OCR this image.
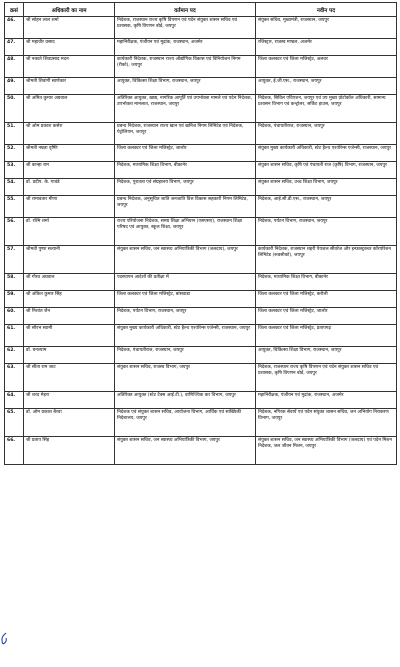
क्रसं	अधिकारी का नाम	वर्तमान पद	नवीन पद
46.	श्री सोहन लाल शर्मा	निदेशक, राजस्थान राज्य कृषि विपणन एवं पदेन संयुक्त शासन सचिव एवं प्रशासक, कृषि विपणन बोर्ड, जयपुर	संयुक्त सचिव, मुख्यमंत्री, राजस्थान, जयपुर
47.	श्री महावीर प्रसाद	महानिरीक्षक, पंजीयन एवं मुद्रांक, राजस्थान, अजमेर	रजिस्ट्रार, राजस्व मण्डल, अजमेर
48.	श्री नकाते शिवप्रसाद मदन	कार्यकारी निदेशक, राजस्थान राज्य औद्योगिक विकास एवं विनियोजन निगम (रीको), जयपुर	जिला कलक्टर एवं जिला मजिस्ट्रेट, अलवर
49.	श्रीमती शिवांगी स्वर्णकार	आयुक्त, चिकित्सा शिक्षा विभाग, राजस्थान, जयपुर	आयुक्त, ई.जी.एस., राजस्थान, जयपुर
50.	श्री अमित कुमार अग्रवाल	अतिरिक्त आयुक्त, खाद्य, नागरिक आपूर्ति एवं उपभोक्ता मामले एवं पदेन निदेशक, उपभोक्ता मामलात, राजस्थान, जयपुर	निदेशक, सिविल एविएशन, जयपुर एवं उप मुख्य प्रोटोकॉल अधिकारी, सामान्य प्रशासन विभाग एवं कन्ट्रोलर, सर्किट हाउस, जयपुर
51.	श्री ओम प्रकाश कसेरा	प्रबन्ध निदेशक, राजस्थान राज्य खान एवं खनिज निगम लिमिटेड एवं निदेशक, पेट्रोलियम, जयपुर	निदेशक, पंचायतीराज, राजस्थान, जयपुर
52.	श्रीमती नम्रता वृष्णि	जिला कलक्टर एवं जिला मजिस्ट्रेट, जालोर	संयुक्त मुख्य कार्यकारी अधिकारी, स्टेट हैल्थ एश्योरेन्स एजेन्सी, राजस्थान, जयपुर
53.	श्री कान्हा राम	निदेशक, माध्यमिक शिक्षा विभाग, बीकानेर	संयुक्त शासन सचिव, कृषि एवं पंचायती राज (कृषि) विभाग, राजस्थान, जयपुर
54.	डॉ. प्रदीप. के. गावंडे	निदेशक, पुरातत्व एवं संग्रहालय विभाग, जयपुर	संयुक्त शासन सचिव, उच्च शिक्षा विभाग, जयपुर
55.	श्री रामावतार मीणा	प्रबन्ध निदेशक, अनुसूचित जाति जनजाति वित्त विकास सहकारी निगम लिमिटेड, जयपुर	निदेशक, आई.सी.डी.एस., राजस्थान, जयपुर
56.	डॉ. रश्मि शर्मा	राज्य परियोजना निदेशक, समग्र शिक्षा अभियान (एसएसए), राजस्थान शिक्षा परिषद एवं आयुक्त, स्कूल शिक्षा, जयपुर	निदेशक, पर्यटन विभाग, राजस्थान, जयपुर
57.	श्रीमती पुष्पा सत्यानी	संयुक्त शासन सचिव, जन स्वास्थ्य अभियांत्रिकी विभाग (जलदाय), जयपुर	कार्यकारी निदेशक, राजस्थान शहरी पेयजल सीवरेज और इन्फ्रास्ट्रक्चर कॉरपोरेशन लिमिटेड (रूडसीको), जयपुर
58.	श्री गौरव अग्रवाल	पदस्थापन आदेशों की प्रतीक्षा में	निदेशक, माध्यमिक शिक्षा विभाग, बीकानेर
59.	श्री अंकित कुमार सिंह	जिला कलक्टर एवं जिला मजिस्ट्रेट, बांसवाडा	जिला कलक्टर एवं जिला मजिस्ट्रेट, करौली
60.	श्री निशांत जैन	निदेशक, पर्यटन विभाग, राजस्थान, जयपुर	जिला कलक्टर एवं जिला मजिस्ट्रेट, जालोर
61.	श्री सौरभ स्वामी	संयुक्त मुख्य कार्यकारी अधिकारी, स्टेट हैल्थ एश्योरेन्स एजेन्सी, राजस्थान, जयपुर	जिला कलक्टर एवं जिला मजिस्ट्रेट, प्रतापगढ़
62.	डॉ. घनश्याम	निदेशक, पंचायतीराज, राजस्थान, जयपुर	आयुक्त, चिकित्सा शिक्षा विभाग, राजस्थान, जयपुर
63.	श्री सीता राम जाट	संयुक्त शासन सचिव, राजस्व विभाग, जयपुर	निदेशक, राजस्थान राज्य कृषि विपणन एवं पदेन संयुक्त शासन सचिव एवं प्रशासक, कृषि विपणन बोर्ड, जयपुर
64.	श्री शरद मेहरा	अतिरिक्त आयुक्त (स्टेट टैक्स आई.टी.), वाणिज्यिक कर विभाग, जयपुर	महानिरीक्षक, पंजीयन एवं मुद्रांक, राजस्थान, अजमेर
65.	डॉ. ओम प्रकाश बैरवा	निदेशक एवं संयुक्त शासन सचिव, आयोजना विभाग, आर्थिक एवं सांख्यिकी निदेशालय, जयपुर	निदेशक, नगिरक सेवायें एवं पदेन संयुक्त शासन सचिव, जन अभियोग निराकरण विभाग, जयपुर
66.	श्री प्रताप सिंह	संयुक्त शासन सचिव, जन स्वास्थ्य अभियांत्रिकी विभाग, जयपुर	संयुक्त शासन सचिव, जन स्वास्थ्य अभियांत्रिकी विभाग (जलदाय) एवं पदेन मिशन निदेशक, जल जीवन मिशन, जयपुर
